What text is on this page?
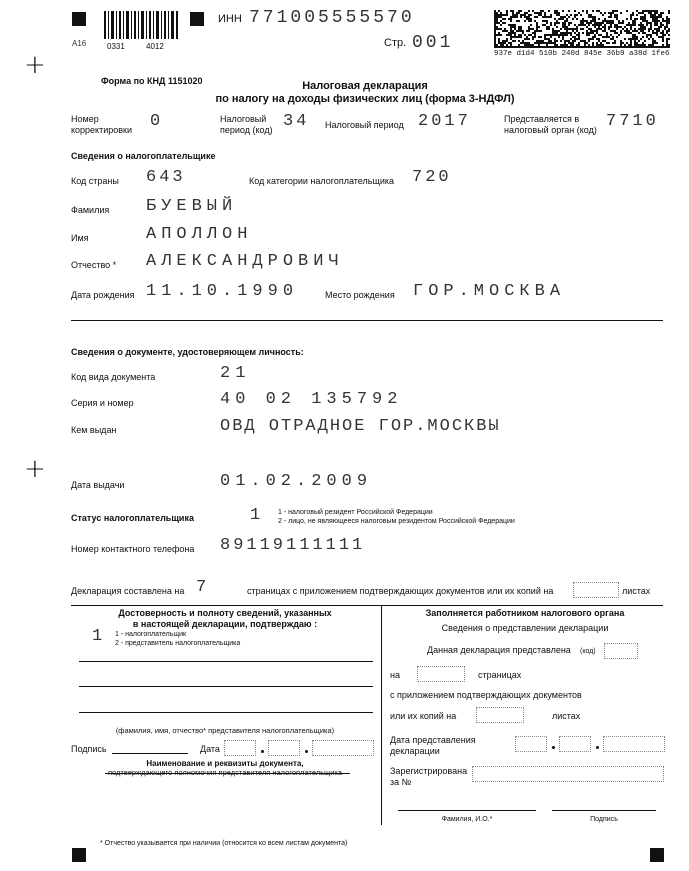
+
+
А16	0331	4012
ИНН 771005555570
Стр. 001
937e d1d4 510b 240d 845e 36b9 a38d 1fe6
Форма по КНД 1151020	Налоговая декларация
по налогу на доходы физических лиц (форма 3-НДФЛ)
Номер
корректировки 0	Налоговый
период (код) 34 Налоговый период 2017	Представляется в
налоговый орган (код) 7710
Сведения о налогоплательщике
Код страны 643	Код категории налогоплательщика 720
Фамилия БУЕВЫЙ
Имя	АПОЛЛОН
Отчество * АЛЕКСАНДРОВИЧ
Дата рождения 11.10.1990	Место рождения ГОР.МОСКВА
Сведения о документе, удостоверяющем личность:
Код вида документа	21
Серия и номер	40 02 135792
Кем выдан	ОВД ОТРАДНОЕ ГОР.МОСКВЫ
Дата выдачи	01.02.2009
Статус налогоплательщика	1 1 - налоговый резидент Российской Федерации
2 - лицо, не являющееся налоговым резидентом Российской Федерации
Номер контактного телефона 89119111111
Декларация составлена на 7	страницах с приложением подтверждающих документов или их копий на	листах
Достоверность и полноту сведений, указанных
в настоящей декларации, подтверждаю :
1 1 - налогоплательщик
2 - представитель налогоплательщика
(фамилия, имя, отчество* представителя налогоплательщика)
Подпись	Дата
Наименование и реквизиты документа,
Заполняется работником налогового органа
Сведения о представлении декларации
Данная декларация представлена (код)
на	страницах
с приложением подтверждающих документов
или их копий на	листах
Дата представления
декларации
Зарегистрирована
за №
Фамилия, И.О.*	Подпись
* Отчество указывается при наличии (относится ко всем листам документа)
